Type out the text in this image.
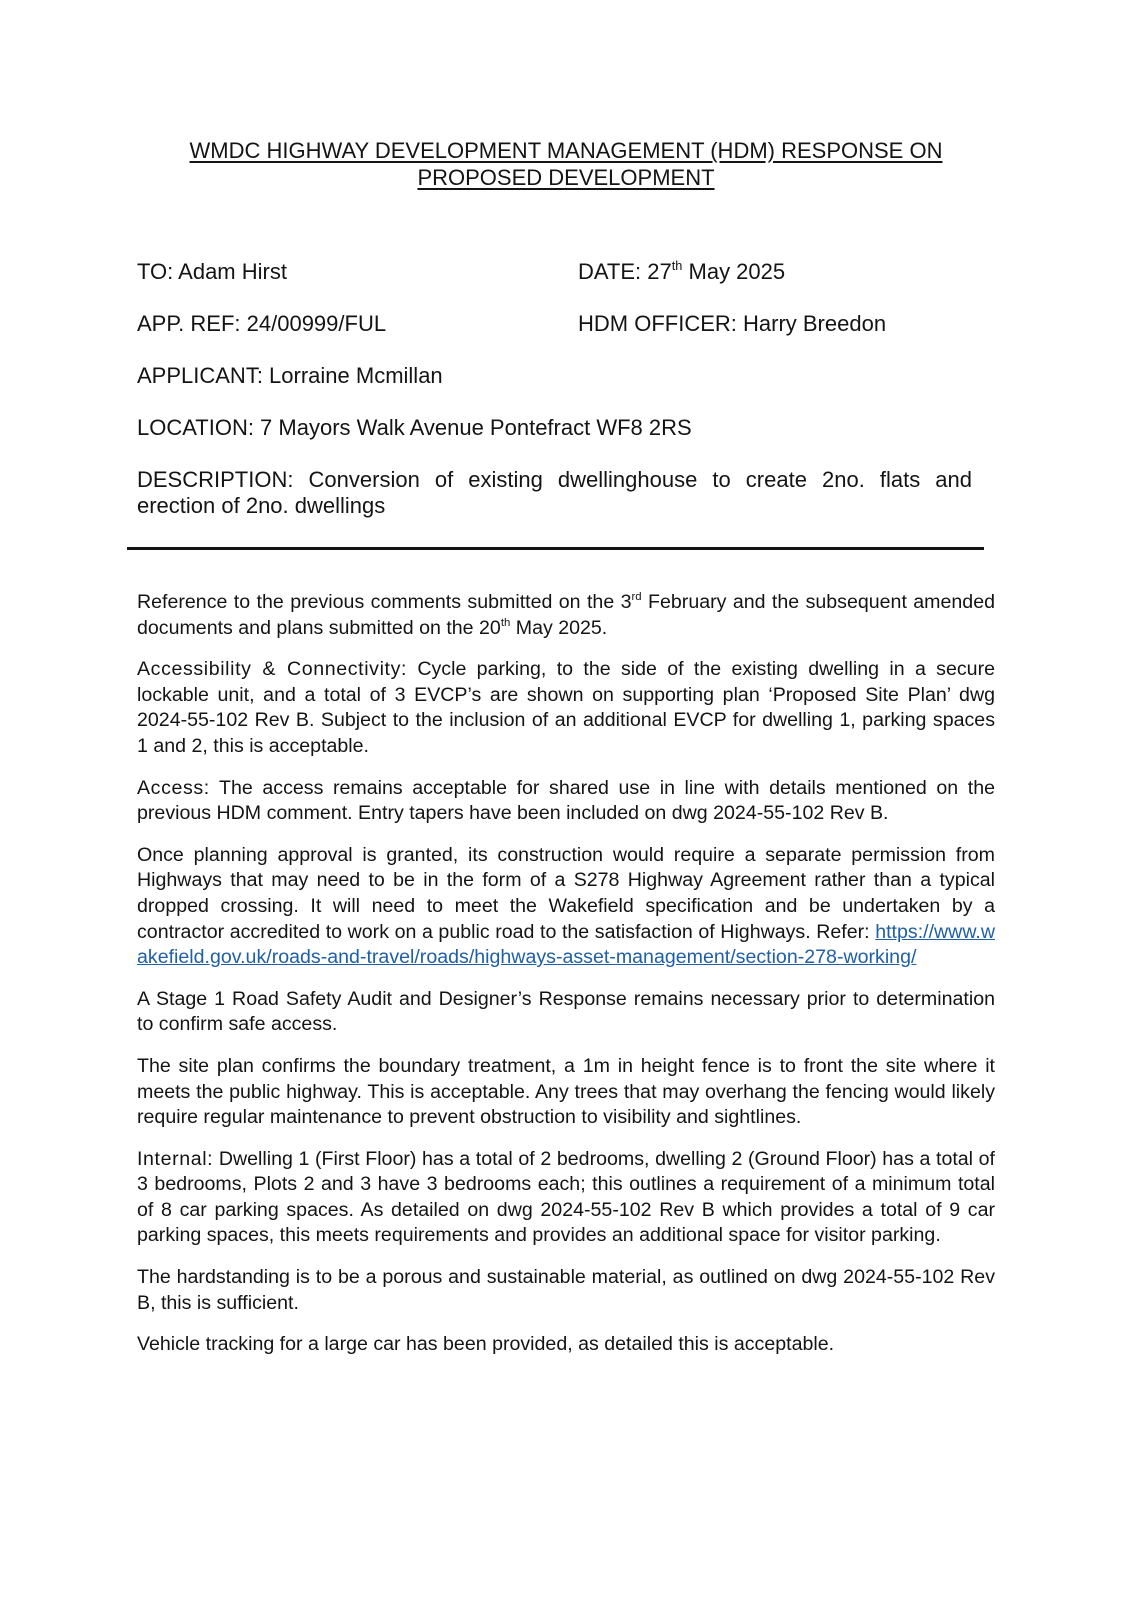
WMDC HIGHWAY DEVELOPMENT MANAGEMENT (HDM) RESPONSE ON
PROPOSED DEVELOPMENT
TO: Adam Hirst	DATE: 27th May 2025
APP. REF: 24/00999/FUL	HDM OFFICER: Harry Breedon
APPLICANT: Lorraine Mcmillan
LOCATION: 7 Mayors Walk Avenue Pontefract WF8 2RS
DESCRIPTION: Conversion of existing dwellinghouse to create 2no. flats and erection of 2no. dwellings

Reference to the previous comments submitted on the 3rd February and the subsequent amended documents and plans submitted on the 20th May 2025.

Accessibility & Connectivity: Cycle parking, to the side of the existing dwelling in a secure lockable unit, and a total of 3 EVCP’s are shown on supporting plan ‘Proposed Site Plan’ dwg 2024-55-102 Rev B. Subject to the inclusion of an additional EVCP for dwelling 1, parking spaces 1 and 2, this is acceptable.

Access: The access remains acceptable for shared use in line with details mentioned on the previous HDM comment. Entry tapers have been included on dwg 2024-55-102 Rev B.

Once planning approval is granted, its construction would require a separate permission from Highways that may need to be in the form of a S278 Highway Agreement rather than a typical dropped crossing. It will need to meet the Wakefield specification and be undertaken by a contractor accredited to work on a public road to the satisfaction of Highways. Refer: https://www.wakefield.gov.uk/roads-and-travel/roads/highways-asset-management/section-278-working/

A Stage 1 Road Safety Audit and Designer’s Response remains necessary prior to determination to confirm safe access.

The site plan confirms the boundary treatment, a 1m in height fence is to front the site where it meets the public highway. This is acceptable. Any trees that may overhang the fencing would likely require regular maintenance to prevent obstruction to visibility and sightlines.

Internal: Dwelling 1 (First Floor) has a total of 2 bedrooms, dwelling 2 (Ground Floor) has a total of 3 bedrooms, Plots 2 and 3 have 3 bedrooms each; this outlines a requirement of a minimum total of 8 car parking spaces. As detailed on dwg 2024-55-102 Rev B which provides a total of 9 car parking spaces, this meets requirements and provides an additional space for visitor parking.

The hardstanding is to be a porous and sustainable material, as outlined on dwg 2024-55-102 Rev B, this is sufficient.

Vehicle tracking for a large car has been provided, as detailed this is acceptable.
